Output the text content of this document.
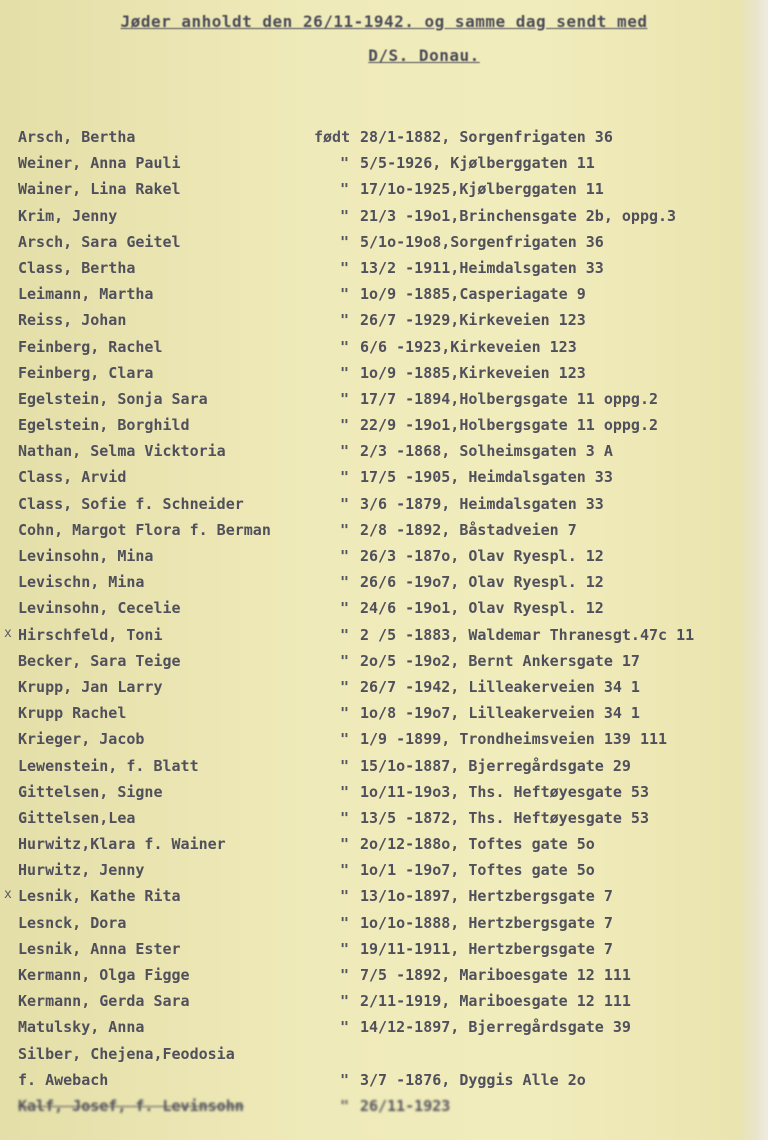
Jøder anholdt den 26/11-1942. og samme dag sendt med
D/S. Donau.
Arsch, Bertha	født 28/1-1882, Sorgenfrigaten 36
Weiner, Anna Pauli	" 5/5-1926, Kjølberggaten 11
Wainer, Lina Rakel	" 17/1o-1925,Kjølberggaten 11
Krim, Jenny	" 21/3 -19o1,Brinchensgate 2b, oppg.3
Arsch, Sara Geitel	" 5/1o-19o8,Sorgenfrigaten 36
Class, Bertha	" 13/2 -1911,Heimdalsgaten 33
Leimann, Martha	" 1o/9 -1885,Casperiagate 9
Reiss, Johan	" 26/7 -1929,Kirkeveien 123
Feinberg, Rachel	" 6/6 -1923,Kirkeveien 123
Feinberg, Clara	" 1o/9 -1885,Kirkeveien 123
Egelstein, Sonja Sara	" 17/7 -1894,Holbergsgate 11 oppg.2
Egelstein, Borghild	" 22/9 -19o1,Holbergsgate 11 oppg.2
Nathan, Selma Vicktoria	" 2/3 -1868, Solheimsgaten 3 A
Class, Arvid	" 17/5 -1905, Heimdalsgaten 33
Class, Sofie f. Schneider	" 3/6 -1879, Heimdalsgaten 33
Cohn, Margot Flora f. Berman	" 2/8 -1892, Båstadveien 7
Levinsohn, Mina	" 26/3 -187o, Olav Ryespl. 12
Levischn, Mina	" 26/6 -19o7, Olav Ryespl. 12
Levinsohn, Cecelie	" 24/6 -19o1, Olav Ryespl. 12
x Hirschfeld, Toni	" 2 /5 -1883, Waldemar Thranesgt.47c 11
Becker, Sara Teige	" 2o/5 -19o2, Bernt Ankersgate 17
Krupp, Jan Larry	" 26/7 -1942, Lilleakerveien 34 1
Krupp Rachel	" 1o/8 -19o7, Lilleakerveien 34 1
Krieger, Jacob	" 1/9 -1899, Trondheimsveien 139 111
Lewenstein, f. Blatt	" 15/1o-1887, Bjerregårdsgate 29
Gittelsen, Signe	" 1o/11-19o3, Ths. Heftøyesgate 53
Gittelsen,Lea	" 13/5 -1872, Ths. Heftøyesgate 53
Hurwitz,Klara f. Wainer	" 2o/12-188o, Toftes gate 5o
Hurwitz, Jenny	" 1o/1 -19o7, Toftes gate 5o
x Lesnik, Kathe Rita	" 13/1o-1897, Hertzbergsgate 7
Lesnck, Dora	" 1o/1o-1888, Hertzbergsgate 7
Lesnik, Anna Ester	" 19/11-1911, Hertzbergsgate 7
Kermann, Olga Figge	" 7/5 -1892, Mariboesgate 12 111
Kermann, Gerda Sara	" 2/11-1919, Mariboesgate 12 111
Matulsky, Anna	" 14/12-1897, Bjerregårdsgate 39
Silber, Chejena,Feodosia
f. Awebach	" 3/7 -1876, Dyggis Alle 2o
Kalf, Josef, f. Levinsohn	" 26/11-1923
